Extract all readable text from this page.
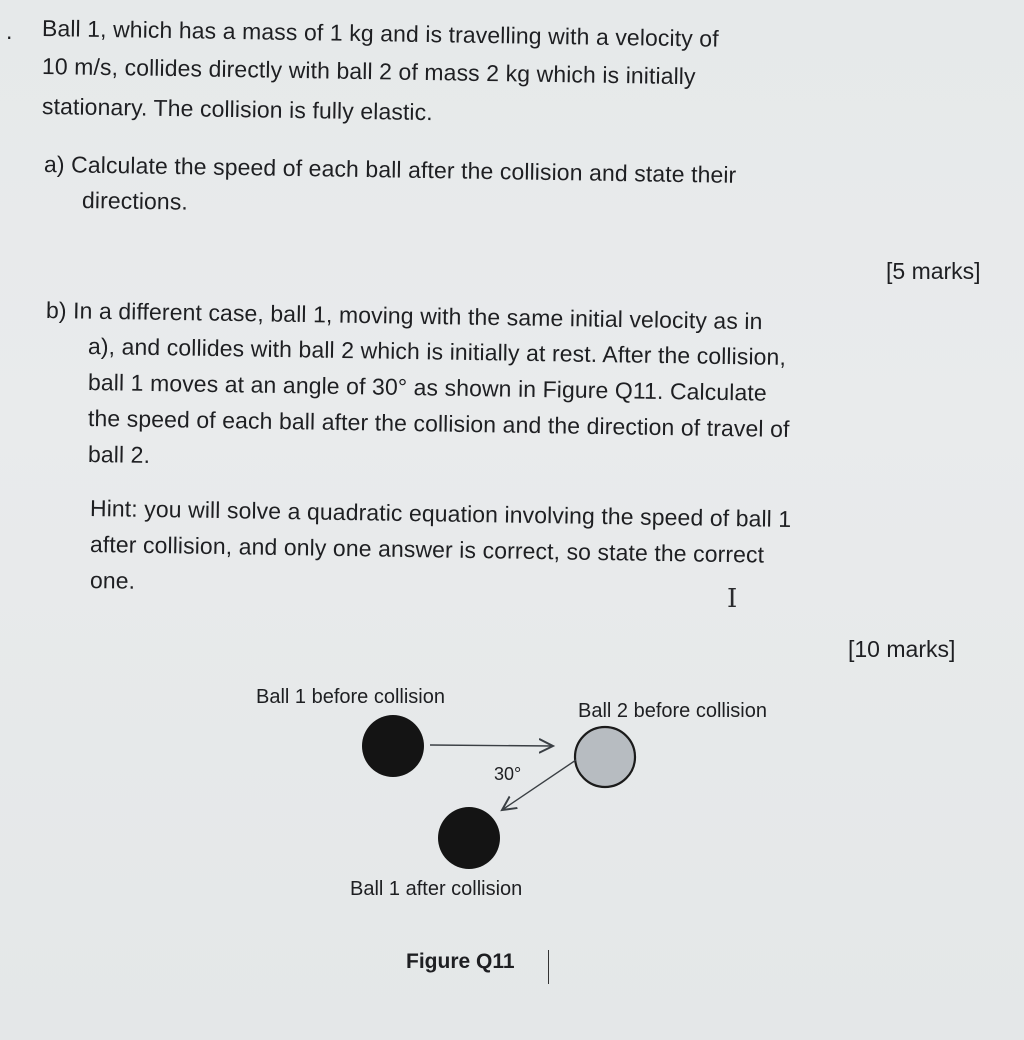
. Ball 1, which has a mass of 1 kg and is travelling with a velocity of
10 m/s, collides directly with ball 2 of mass 2 kg which is initially
stationary. The collision is fully elastic.
a) Calculate the speed of each ball after the collision and state their
directions.
[5 marks]
b) In a different case, ball 1, moving with the same initial velocity as in
a), and collides with ball 2 which is initially at rest. After the collision,
ball 1 moves at an angle of 30° as shown in Figure Q11. Calculate
the speed of each ball after the collision and the direction of travel of
ball 2.
Hint: you will solve a quadratic equation involving the speed of ball 1
after collision, and only one answer is correct, so state the correct
one.
I
[10 marks]
Ball 1 before collision
Ball 2 before collision
30°
Ball 1 after collision
Figure Q11
